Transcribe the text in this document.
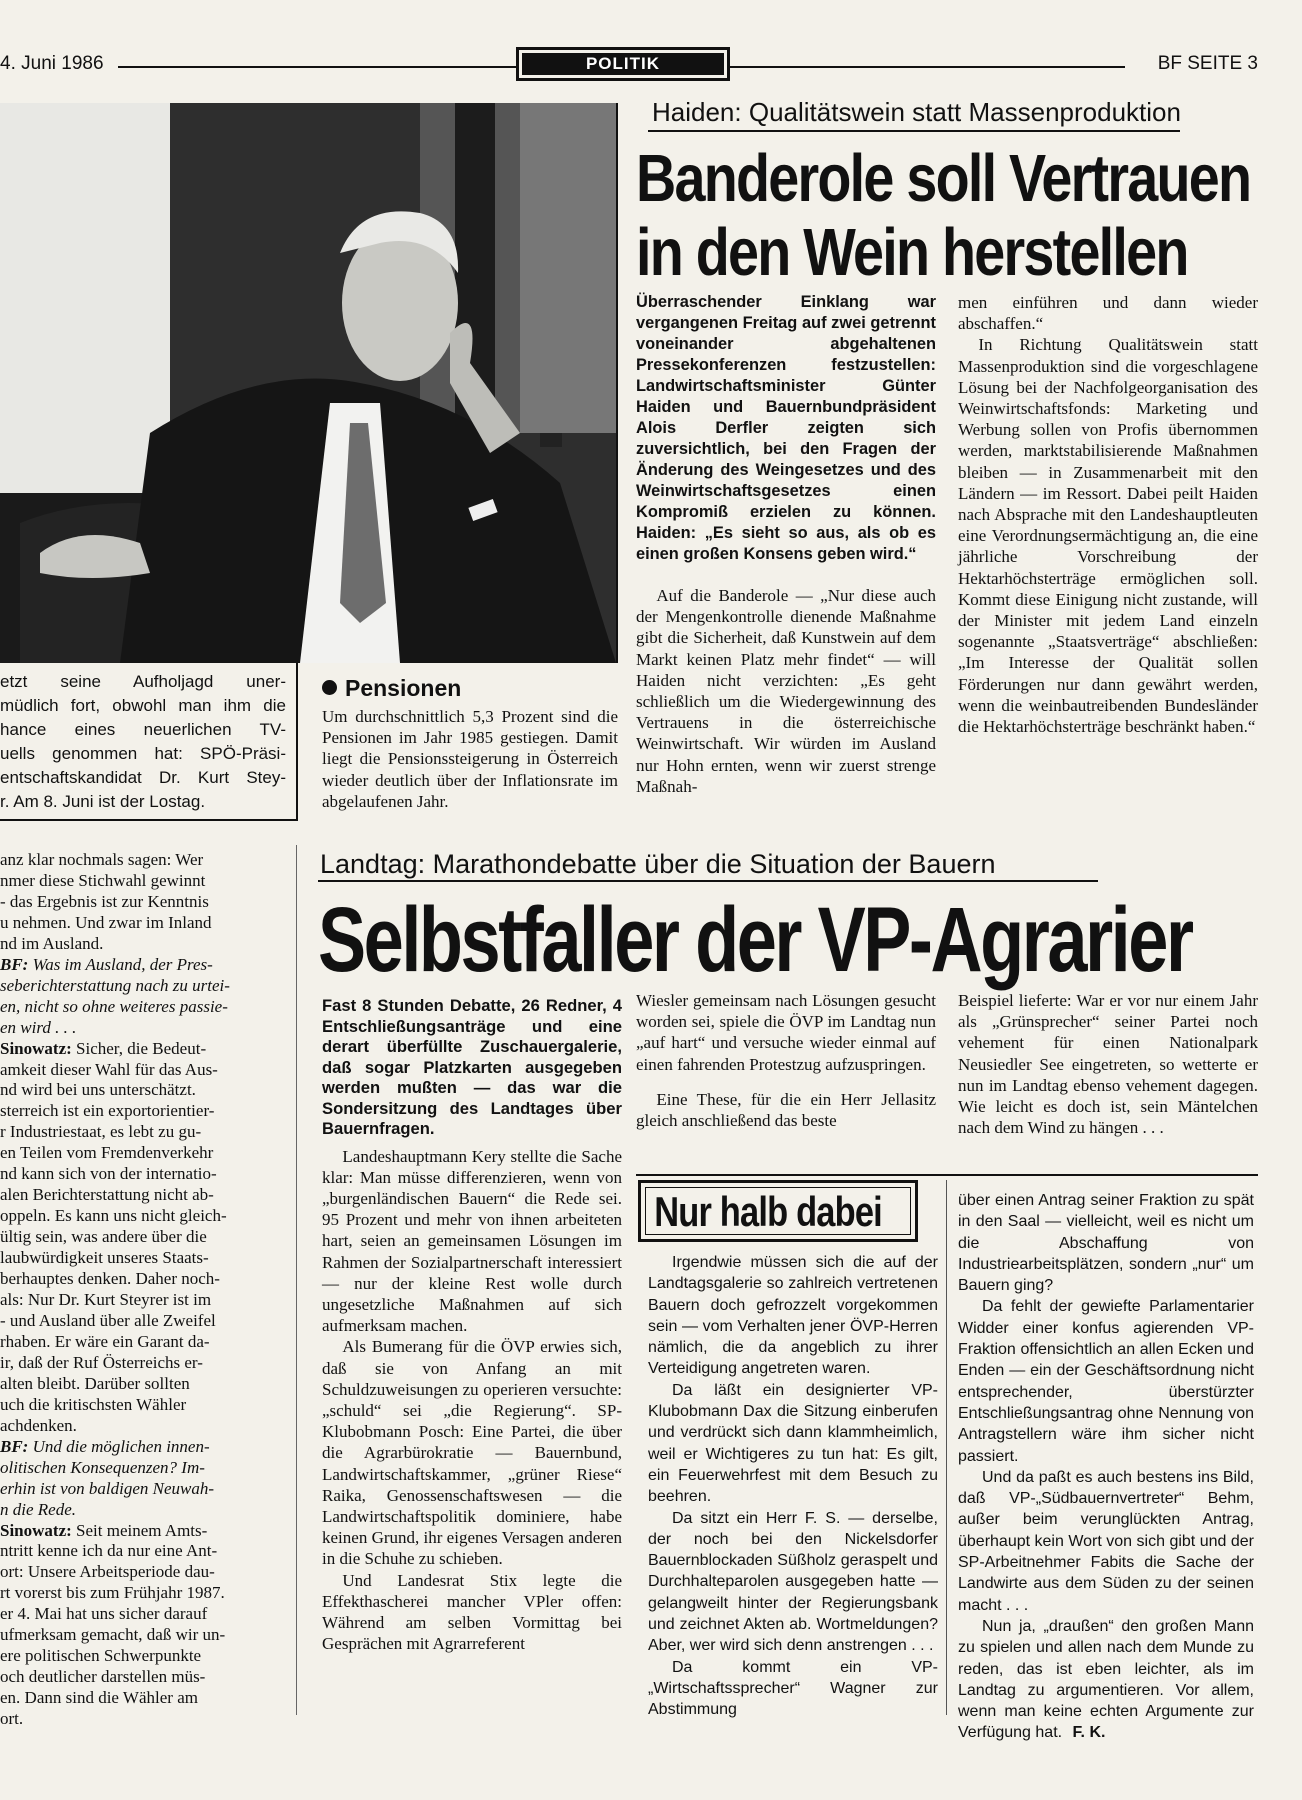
4. Juni 1986	POLITIK	BF SEITE 3
etzt seine Aufholjagd uner-
müdlich fort, obwohl man ihm die
hance eines neuerlichen TV-
uells genommen hat: SPÖ-Präsi-
entschaftskandidat Dr. Kurt Stey-
r. Am 8. Juni ist der Lostag.
Pensionen
Um durchschnittlich 5,3 Prozent sind die Pensionen im Jahr 1985 gestiegen. Damit liegt die Pensionssteigerung in Österreich wieder deutlich über der Inflationsrate im abgelaufenen Jahr.
Haiden: Qualitätswein statt Massenproduktion
Banderole soll Vertrauen
in den Wein herstellen

Überraschender Einklang war vergangenen Freitag auf zwei getrennt voneinander abgehaltenen Pressekonferenzen festzustellen: Landwirtschaftsminister Günter Haiden und Bauernbundpräsident Alois Derfler zeigten sich zuversichtlich, bei den Fragen der Änderung des Weingesetzes und des Weinwirtschaftsgesetzes einen Kompromiß erzielen zu können. Haiden: „Es sieht so aus, als ob es einen großen Konsens geben wird.“

Auf die Banderole — „Nur diese auch der Mengenkontrolle dienende Maßnahme gibt die Sicherheit, daß Kunstwein auf dem Markt keinen Platz mehr findet“ — will Haiden nicht verzichten: „Es geht schließlich um die Wiedergewinnung des Vertrauens in die österreichische Weinwirtschaft. Wir würden im Ausland nur Hohn ernten, wenn wir zuerst strenge Maßnah-

men einführen und dann wieder abschaffen.“

In Richtung Qualitätswein statt Massenproduktion sind die vorgeschlagene Lösung bei der Nachfolgeorganisation des Weinwirtschaftsfonds: Marketing und Werbung sollen von Profis übernommen werden, marktstabilisierende Maßnahmen bleiben — in Zusammenarbeit mit den Ländern — im Ressort. Dabei peilt Haiden nach Absprache mit den Landeshauptleuten eine Verordnungsermächtigung an, die eine jährliche Vorschreibung der Hektarhöchsterträge ermöglichen soll. Kommt diese Einigung nicht zustande, will der Minister mit jedem Land einzeln sogenannte „Staatsverträge“ abschließen: „Im Interesse der Qualität sollen Förderungen nur dann gewährt werden, wenn die weinbautreibenden Bundesländer die Hektarhöchsterträge beschränkt haben.“

anz klar nochmals sagen: Wer
nmer diese Stichwahl gewinnt
- das Ergebnis ist zur Kenntnis
u nehmen. Und zwar im Inland
nd im Ausland.
BF: Was im Ausland, der Pres-
seberichterstattung nach zu urtei-
en, nicht so ohne weiteres passie-
en wird . . .
Sinowatz: Sicher, die Bedeut-
amkeit dieser Wahl für das Aus-
nd wird bei uns unterschätzt.
sterreich ist ein exportorientier-
r Industriestaat, es lebt zu gu-
en Teilen vom Fremdenverkehr
nd kann sich von der internatio-
alen Berichterstattung nicht ab-
oppeln. Es kann uns nicht gleich-
ültig sein, was andere über die
laubwürdigkeit unseres Staats-
berhauptes denken. Daher noch-
als: Nur Dr. Kurt Steyrer ist im
- und Ausland über alle Zweifel
rhaben. Er wäre ein Garant da-
ir, daß der Ruf Österreichs er-
alten bleibt. Darüber sollten
uch die kritischsten Wähler
achdenken.
BF: Und die möglichen innen-
olitischen Konsequenzen? Im-
erhin ist von baldigen Neuwah-
n die Rede.
Sinowatz: Seit meinem Amts-
ntritt kenne ich da nur eine Ant-
ort: Unsere Arbeitsperiode dau-
rt vorerst bis zum Frühjahr 1987.
er 4. Mai hat uns sicher darauf
ufmerksam gemacht, daß wir un-
ere politischen Schwerpunkte
och deutlicher darstellen müs-
en. Dann sind die Wähler am
ort.
Landtag: Marathondebatte über die Situation der Bauern
Selbstfaller der VP-Agrarier

Fast 8 Stunden Debatte, 26 Redner, 4 Entschließungsanträge und eine derart überfüllte Zuschauergalerie, daß sogar Platzkarten ausgegeben werden mußten — das war die Sondersitzung des Landtages über Bauernfragen.

Landeshauptmann Kery stellte die Sache klar: Man müsse differenzieren, wenn von „burgenländischen Bauern“ die Rede sei. 95 Prozent und mehr von ihnen arbeiteten hart, seien an gemeinsamen Lösungen im Rahmen der Sozialpartnerschaft interessiert — nur der kleine Rest wolle durch ungesetzliche Maßnahmen auf sich aufmerksam machen.

Als Bumerang für die ÖVP erwies sich, daß sie von Anfang an mit Schuldzuweisungen zu operieren versuchte: „schuld“ sei „die Regierung“. SP-Klubobmann Posch: Eine Partei, die über die Agrarbürokratie — Bauernbund, Landwirtschaftskammer, „grüner Riese“ Raika, Genossenschaftswesen — die Landwirtschaftspolitik dominiere, habe keinen Grund, ihr eigenes Versagen anderen in die Schuhe zu schieben.

Und Landesrat Stix legte die Effekthascherei mancher VPler offen: Während am selben Vormittag bei Gesprächen mit Agrarreferent

Wiesler gemeinsam nach Lösungen gesucht worden sei, spiele die ÖVP im Landtag nun „auf hart“ und versuche wieder einmal auf einen fahrenden Protestzug aufzuspringen.

Eine These, für die ein Herr Jellasitz gleich anschließend das beste

Beispiel lieferte: War er vor nur einem Jahr als „Grünsprecher“ seiner Partei noch vehement für einen Nationalpark Neusiedler See eingetreten, so wetterte er nun im Landtag ebenso vehement dagegen. Wie leicht es doch ist, sein Mäntelchen nach dem Wind zu hängen . . .

Nur halb dabei

Irgendwie müssen sich die auf der Landtagsgalerie so zahlreich vertretenen Bauern doch gefrozzelt vorgekommen sein — vom Verhalten jener ÖVP-Herren nämlich, die da angeblich zu ihrer Verteidigung angetreten waren.

Da läßt ein designierter VP-Klubobmann Dax die Sitzung einberufen und verdrückt sich dann klammheimlich, weil er Wichtigeres zu tun hat: Es gilt, ein Feuerwehrfest mit dem Besuch zu beehren.

Da sitzt ein Herr F. S. — derselbe, der noch bei den Nickelsdorfer Bauernblockaden Süßholz geraspelt und Durchhalteparolen ausgegeben hatte — gelangweilt hinter der Regierungsbank und zeichnet Akten ab. Wortmeldungen? Aber, wer wird sich denn anstrengen . . .

Da kommt ein VP-„Wirtschaftssprecher“ Wagner zur Abstimmung

über einen Antrag seiner Fraktion zu spät in den Saal — vielleicht, weil es nicht um die Abschaffung von Industriearbeitsplätzen, sondern „nur“ um Bauern ging?

Da fehlt der gewiefte Parlamentarier Widder einer konfus agierenden VP-Fraktion offensichtlich an allen Ecken und Enden — ein der Geschäftsordnung nicht entsprechender, überstürzter Entschließungsantrag ohne Nennung von Antragstellern wäre ihm sicher nicht passiert.

Und da paßt es auch bestens ins Bild, daß VP-„Südbauernvertreter“ Behm, außer beim verunglückten Antrag, überhaupt kein Wort von sich gibt und der SP-Arbeitnehmer Fabits die Sache der Landwirte aus dem Süden zu der seinen macht . . .

Nun ja, „draußen“ den großen Mann zu spielen und allen nach dem Munde zu reden, das ist eben leichter, als im Landtag zu argumentieren. Vor allem, wenn man keine echten Argumente zur Verfügung hat. F. K.
